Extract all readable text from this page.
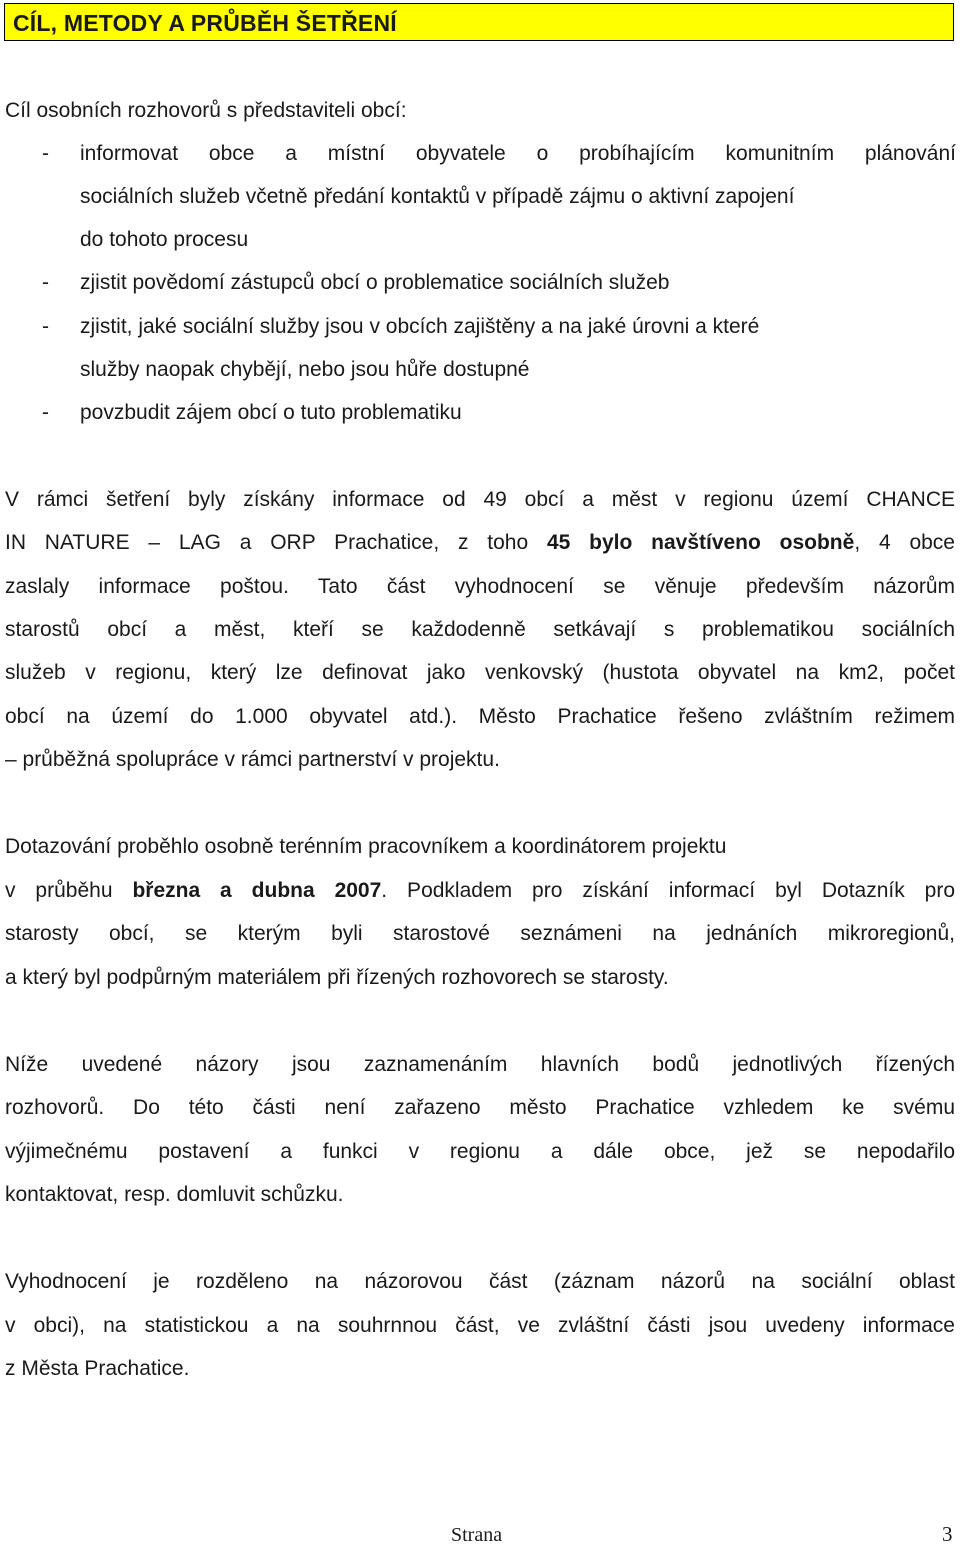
CÍL, METODY A PRŮBĚH ŠETŘENÍ
Cíl osobních rozhovorů s představiteli obcí:
- informovat obce a místní obyvatele o probíhajícím komunitním plánování
sociálních služeb včetně předání kontaktů v případě zájmu o aktivní zapojení
do tohoto procesu
- zjistit povědomí zástupců obcí o problematice sociálních služeb
- zjistit, jaké sociální služby jsou v obcích zajištěny a na jaké úrovni a které
služby naopak chybějí, nebo jsou hůře dostupné
- povzbudit zájem obcí o tuto problematiku
V rámci šetření byly získány informace od 49 obcí a měst v regionu území CHANCE
IN NATURE – LAG a ORP Prachatice, z toho 45 bylo navštíveno osobně, 4 obce
zaslaly informace poštou. Tato část vyhodnocení se věnuje především názorům
starostů obcí a měst, kteří se každodenně setkávají s problematikou sociálních
služeb v regionu, který lze definovat jako venkovský (hustota obyvatel na km2, počet
obcí na území do 1.000 obyvatel atd.). Město Prachatice řešeno zvláštním režimem
– průběžná spolupráce v rámci partnerství v projektu.
Dotazování proběhlo osobně terénním pracovníkem a koordinátorem projektu
v průběhu března a dubna 2007. Podkladem pro získání informací byl Dotazník pro
starosty obcí, se kterým byli starostové seznámeni na jednáních mikroregionů,
a který byl podpůrným materiálem při řízených rozhovorech se starosty.
Níže uvedené názory jsou zaznamenáním hlavních bodů jednotlivých řízených
rozhovorů. Do této části není zařazeno město Prachatice vzhledem ke svému
výjimečnému postavení a funkci v regionu a dále obce, jež se nepodařilo
kontaktovat, resp. domluvit schůzku.
Vyhodnocení je rozděleno na názorovou část (záznam názorů na sociální oblast
v obci), na statistickou a na souhrnnou část, ve zvláštní části jsou uvedeny informace
z Města Prachatice.
Strana	3
